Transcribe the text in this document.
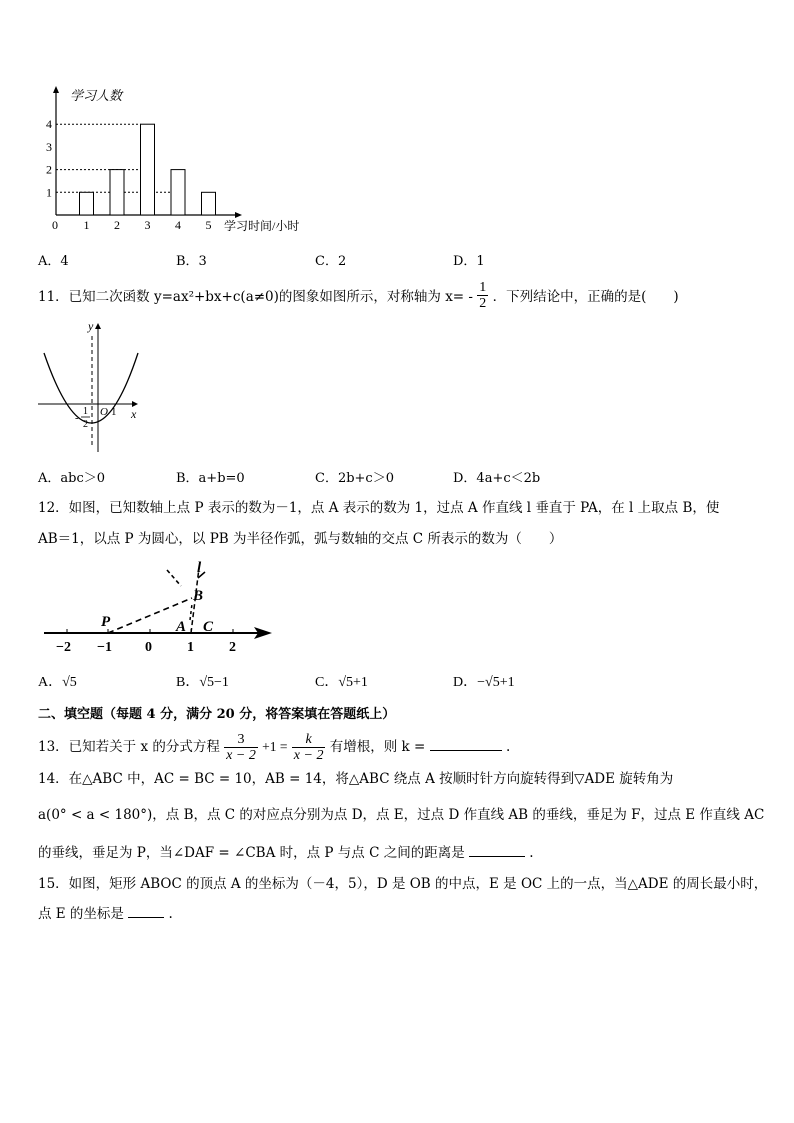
1
2
3
4
0 1 2 3 4 5
学习人数
学习时间/小时
A．4	B．3	C．2	D．1
11．已知二次函数 y=ax²+bx+c(a≠0)的图象如图所示，对称轴为 $x= - \frac{1}{2}$ ．下列结论中，正确的是(　　)
y
x
O 1
-
1
2
A．abc＞0	B．a+b=0	C．2b+c＞0	D．4a+c＜2b
12．如图，已知数轴上点 P 表示的数为－1，点 A 表示的数为 1，过点 A 作直线 l 垂直于 PA，在 l 上取点 B，使
AB＝1，以点 P 为圆心，以 PB 为半径作弧，弧与数轴的交点 C 所表示的数为（　　）
−2 −1 0	1	2
l
B
P	A C
A．√5	B．√5−1	C．√5+1	D．−√5+1
二、填空题（每题 4 分，满分 20 分，将答案填在答题纸上）
13．已知若关于 x 的分式方程 $\frac{3}{x - 2} +1 = \frac{k}{x - 2}$ 有增根，则 k =	.
14．在△ABC 中，AC = BC = 10，AB = 14，将△ABC 绕点 A 按顺时针方向旋转得到▽ADE 旋转角为
a(0° < a < 180°)，点 B，点 C 的对应点分别为点 D，点 E，过点 D 作直线 AB 的垂线，垂足为 F，过点 E 作直线 AC
的垂线，垂足为 P，当∠DAF = ∠CBA 时，点 P 与点 C 之间的距离是	.
15．如图，矩形 ABOC 的顶点 A 的坐标为（－4，5），D 是 OB 的中点，E 是 OC 上的一点，当△ADE 的周长最小时，
点 E 的坐标是	.
